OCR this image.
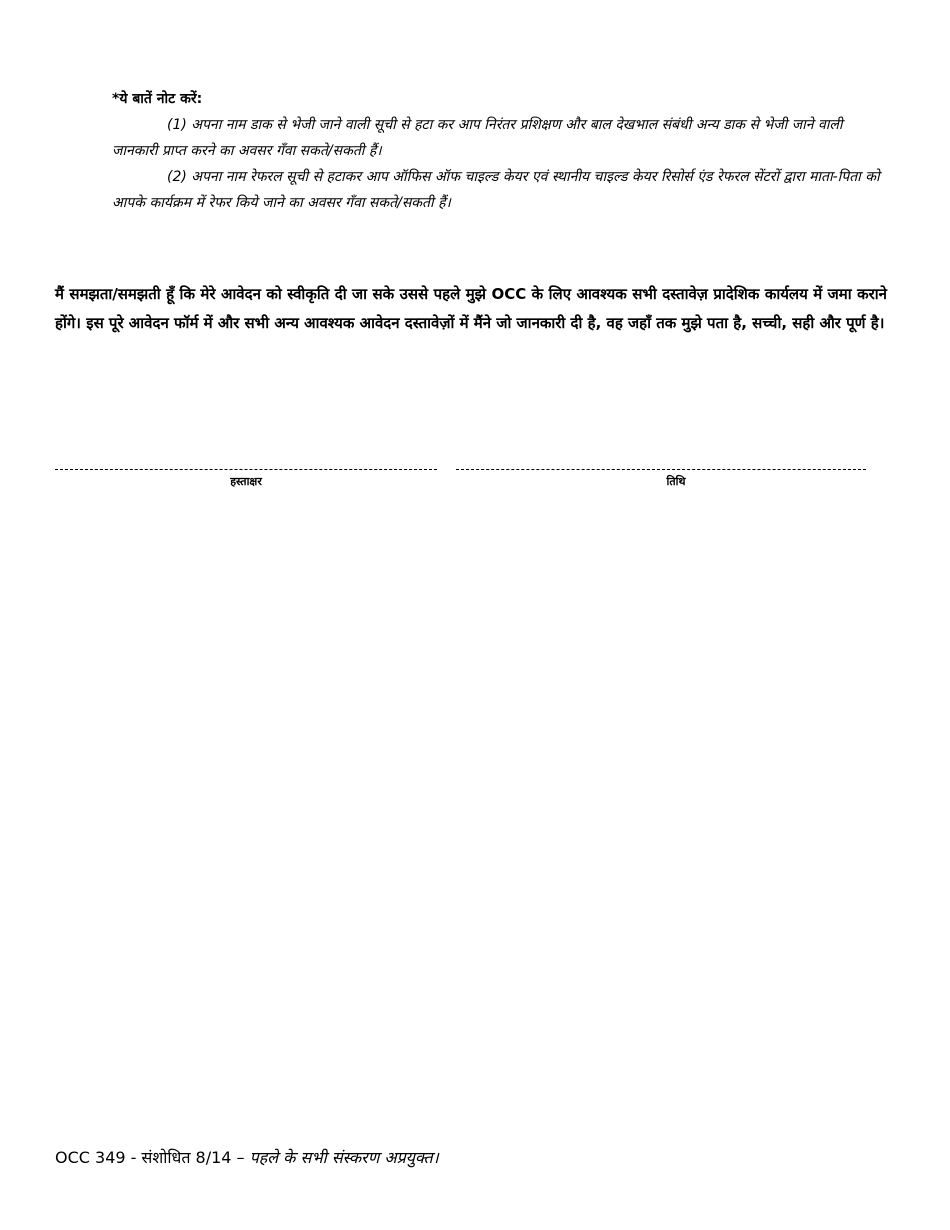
*ये बातें नोट करें:

(1) अपना नाम डाक से भेजी जाने वाली सूची से हटा कर आप निरंतर प्रशिक्षण और बाल देखभाल संबंधी अन्य डाक से भेजी जाने वाली जानकारी प्राप्त करने का अवसर गँवा सकते/सकती हैं।

(2) अपना नाम रेफरल सूची से हटाकर आप ऑफिस ऑफ चाइल्ड केयर एवं स्थानीय चाइल्ड केयर रिसोर्स एंड रेफरल सेंटरों द्वारा माता-पिता को आपके कार्यक्रम में रेफर किये जाने का अवसर गँवा सकते/सकती हैं।

मैं समझता/समझती हूँ कि मेरे आवेदन को स्वीकृति दी जा सके उससे पहले मुझे OCC के लिए आवश्यक सभी दस्तावेज़ प्रादेशिक कार्यलय में जमा कराने होंगे। इस पूरे आवेदन फॉर्म में और सभी अन्य आवश्यक आवेदन दस्तावेज़ों में मैंने जो जानकारी दी है, वह जहाँ तक मुझे पता है, सच्ची, सही और पूर्ण है।

हस्ताक्षर	तिथि
OCC 349 - संशोधित 8/14 – पहले के सभी संस्करण अप्रयुक्त।
